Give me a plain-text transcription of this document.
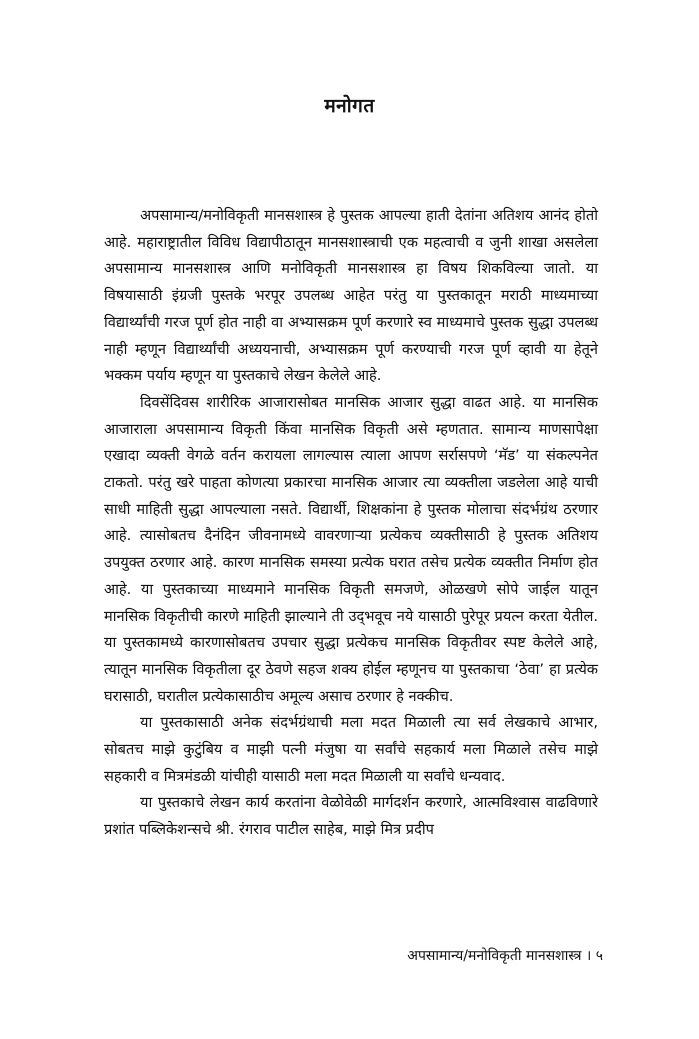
मनोगत

अपसामान्य/मनोविकृती मानसशास्त्र हे पुस्तक आपल्या हाती देतांना अतिशय आनंद होतो आहे. महाराष्ट्रातील विविध विद्यापीठातून मानसशास्त्राची एक महत्वाची व जुनी शाखा असलेला अपसामान्य मानसशास्त्र आणि मनोविकृती मानसशास्त्र हा विषय शिकविल्या जातो. या विषयासाठी इंग्रजी पुस्तके भरपूर उपलब्ध आहेत परंतु या पुस्तकातून मराठी माध्यमाच्या विद्यार्थ्यांची गरज पूर्ण होत नाही वा अभ्यासक्रम पूर्ण करणारे स्व माध्यमाचे पुस्तक सुद्धा उपलब्ध नाही म्हणून विद्यार्थ्यांची अध्ययनाची, अभ्यासक्रम पूर्ण करण्याची गरज पूर्ण व्हावी या हेतूने भक्कम पर्याय म्हणून या पुस्तकाचे लेखन केलेले आहे.

दिवसेंदिवस शारीरिक आजारासोबत मानसिक आजार सुद्धा वाढत आहे. या मानसिक आजाराला अपसामान्य विकृती किंवा मानसिक विकृती असे म्हणतात. सामान्य माणसापेक्षा एखादा व्यक्ती वेगळे वर्तन करायला लागल्यास त्याला आपण सर्रासपणे ‘मॅड’ या संकल्पनेत टाकतो. परंतु खरे पाहता कोणत्या प्रकारचा मानसिक आजार त्या व्यक्तीला जडलेला आहे याची साधी माहिती सुद्धा आपल्याला नसते. विद्यार्थी, शिक्षकांना हे पुस्तक मोलाचा संदर्भग्रंथ ठरणार आहे. त्यासोबतच दैनंदिन जीवनामध्ये वावरणाऱ्या प्रत्येकच व्यक्तीसाठी हे पुस्तक अतिशय उपयुक्त ठरणार आहे. कारण मानसिक समस्या प्रत्येक घरात तसेच प्रत्येक व्यक्तीत निर्माण होत आहे. या पुस्तकाच्या माध्यमाने मानसिक विकृती समजणे, ओळखणे सोपे जाईल यातून मानसिक विकृतीची कारणे माहिती झाल्याने ती उद्‌भवूच नये यासाठी पुरेपूर प्रयत्न करता येतील. या पुस्तकामध्ये कारणासोबतच उपचार सुद्धा प्रत्येकच मानसिक विकृतीवर स्पष्ट केलेले आहे, त्यातून मानसिक विकृतीला दूर ठेवणे सहज शक्य होईल म्हणूनच या पुस्तकाचा ‘ठेवा’ हा प्रत्येक घरासाठी, घरातील प्रत्येकासाठीच अमूल्य असाच ठरणार हे नक्कीच.

या पुस्तकासाठी अनेक संदर्भग्रंथाची मला मदत मिळाली त्या सर्व लेखकाचे आभार, सोबतच माझे कुटुंबिय व माझी पत्नी मंजुषा या सर्वांचे सहकार्य मला मिळाले तसेच माझे सहकारी व मित्रमंडळी यांचीही यासाठी मला मदत मिळाली या सर्वांचे धन्यवाद.

या पुस्तकाचे लेखन कार्य करतांना वेळोवेळी मार्गदर्शन करणारे, आत्मविश्वास वाढविणारे प्रशांत पब्लिकेशन्सचे श्री. रंगराव पाटील साहेब, माझे मित्र प्रदीप

अपसामान्य/मनोविकृती मानसशास्त्र । ५
